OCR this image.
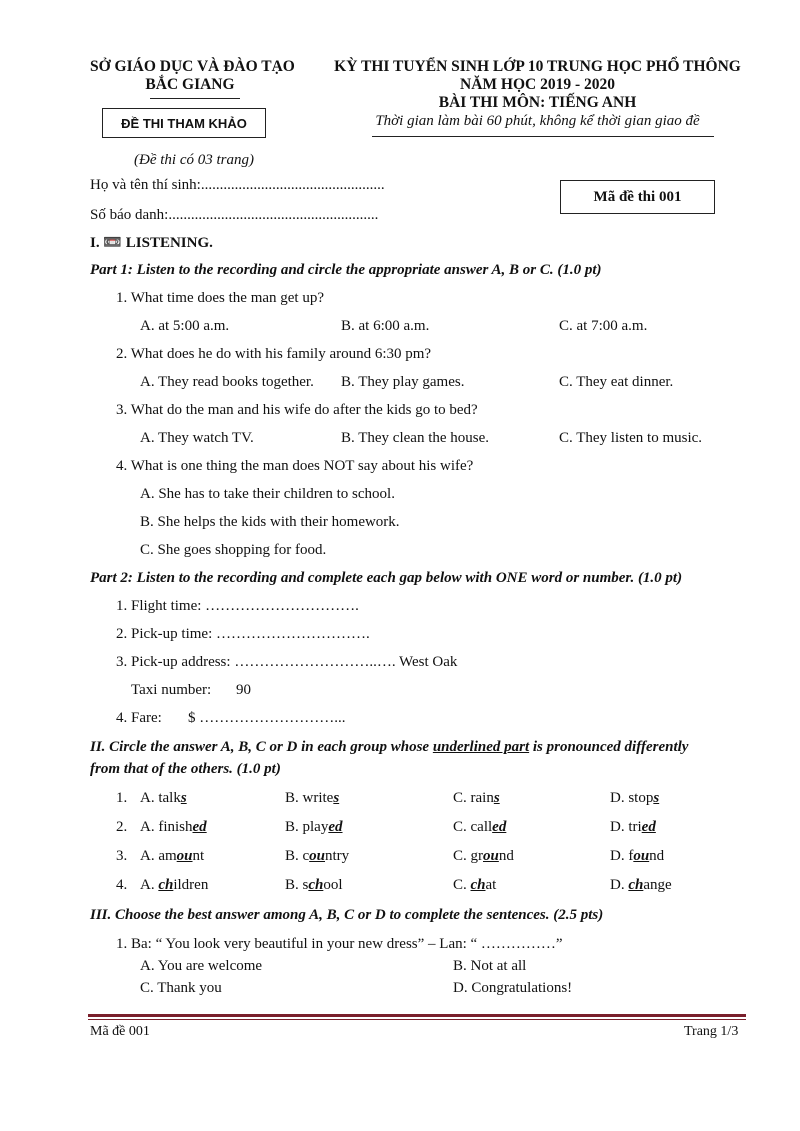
SỞ GIÁO DỤC VÀ ĐÀO TẠO
BẮC GIANG
KỲ THI TUYỂN SINH LỚP 10 TRUNG HỌC PHỔ THÔNG
NĂM HỌC 2019 - 2020
BÀI THI MÔN: TIẾNG ANH
Thời gian làm bài 60 phút, không kể thời gian giao đề
ĐỀ THI THAM KHẢO
(Đề thi có 03 trang)
Họ và tên thí sinh:.................................................
Số báo danh:........................................................
Mã đề thi 001
I. 📼 LISTENING.
Part 1: Listen to the recording and circle the appropriate answer A, B or C. (1.0 pt)
1. What time does the man get up?
A. at 5:00 a.m.	B. at 6:00 a.m.	C. at 7:00 a.m.
2. What does he do with his family around 6:30 pm?
A. They read books together. B. They play games.	C. They eat dinner.
3. What do the man and his wife do after the kids go to bed?
A. They watch TV.	B. They clean the house.	C. They listen to music.
4. What is one thing the man does NOT say about his wife?
A. She has to take their children to school.
B. She helps the kids with their homework.
C. She goes shopping for food.
Part 2: Listen to the recording and complete each gap below with ONE word or number. (1.0 pt)
1. Flight time: ………………………….
2. Pick-up time: ………………………….
3. Pick-up address: ………………………..…. West Oak
Taxi number: 90
4. Fare: $ ………………………...
II. Circle the answer A, B, C or D in each group whose underlined part is pronounced differently
from that of the others. (1.0 pt)
1. A. talks	B. writes	C. rains	D. stops
2. A. finished	B. played	C. called	D. tried
3. A. amount	B. country	C. ground	D. found
4. A. children	B. school	C. chat	D. change
III. Choose the best answer among A, B, C or D to complete the sentences. (2.5 pts)
1. Ba: “ You look very beautiful in your new dress” – Lan: “ ……………”
A. You are welcome	B. Not at all
C. Thank you	D. Congratulations!
Mã đề 001	Trang 1/3
